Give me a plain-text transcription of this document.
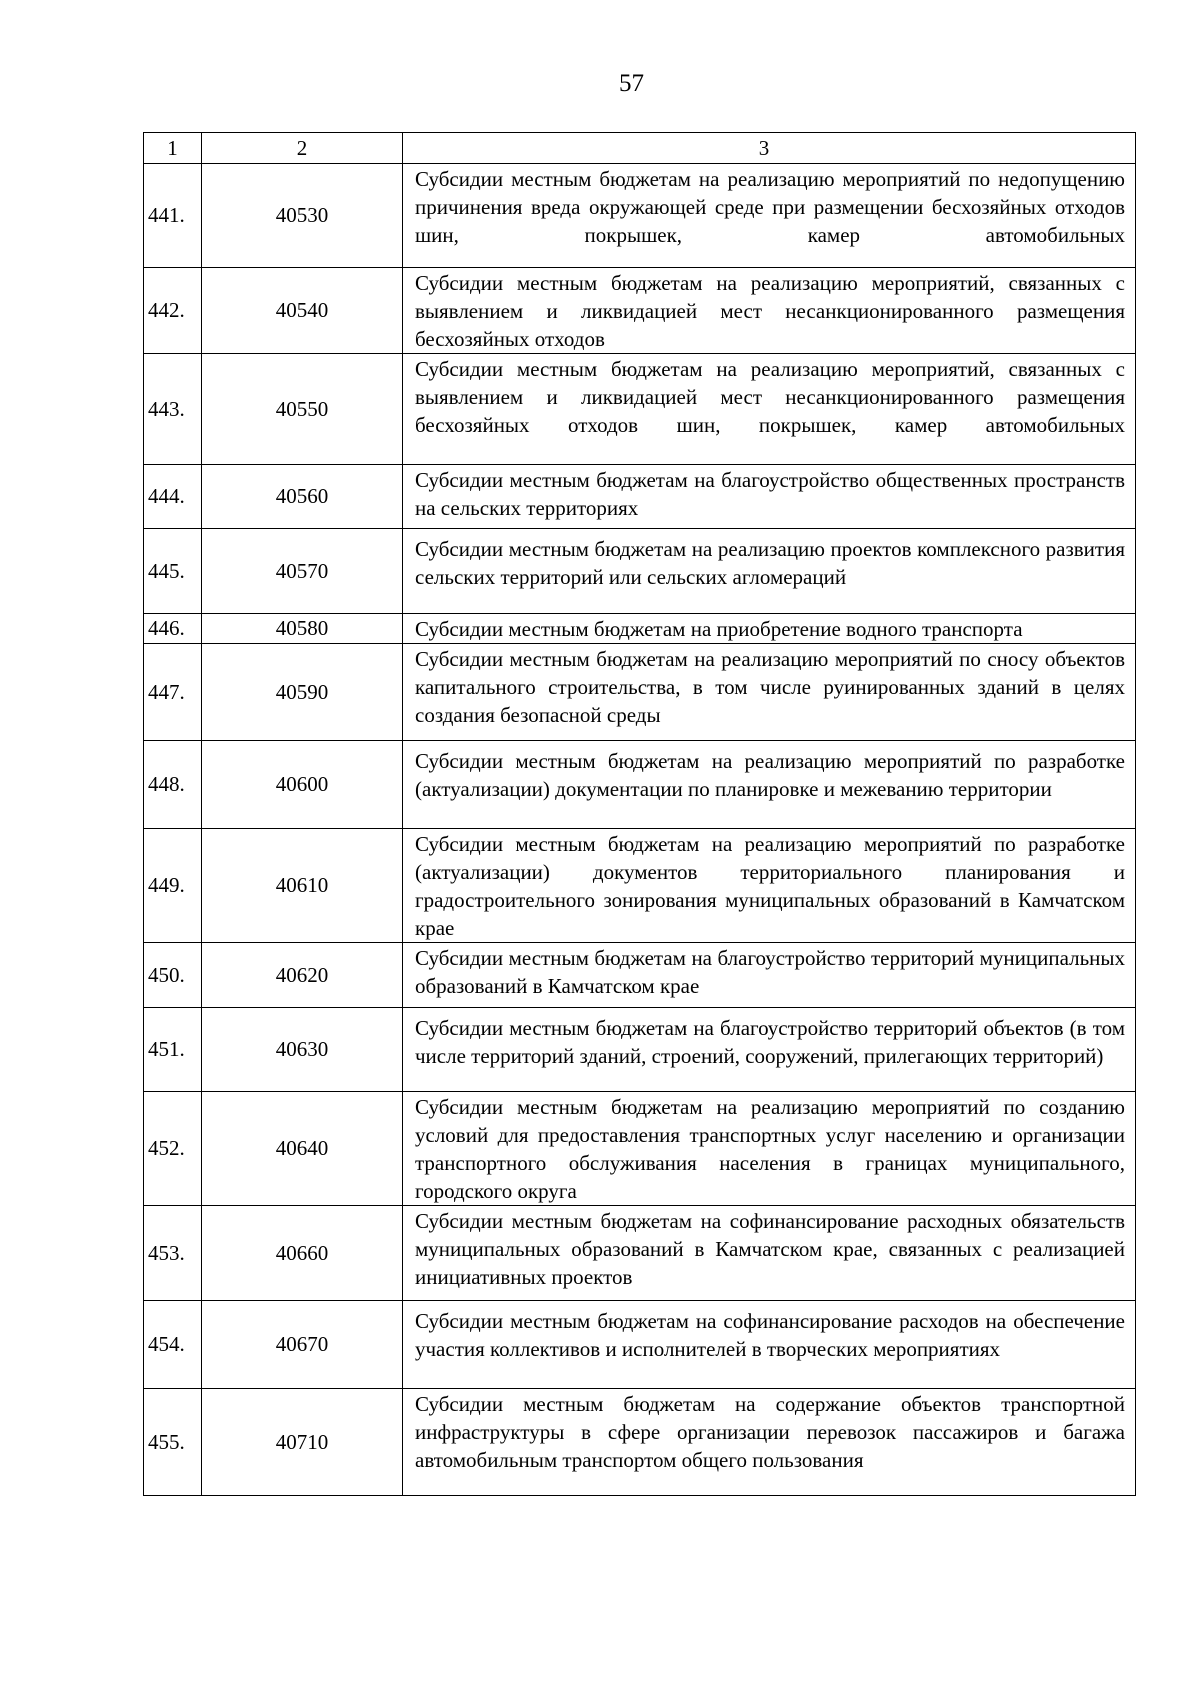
57
1	2	3
441.	40530	Субсидии местным бюджетам на реализацию мероприятий по недопущению причинения вреда окружающей среде при размещении бесхозяйных отходов шин, покрышек, камер автомобильных
442.	40540	Субсидии местным бюджетам на реализацию мероприятий, связанных с выявлением и ликвидацией мест несанкционированного размещения бесхозяйных отходов
443.	40550	Субсидии местным бюджетам на реализацию мероприятий, связанных с выявлением и ликвидацией мест несанкционированного размещения бесхозяйных отходов шин, покрышек, камер автомобильных
444.	40560	Субсидии местным бюджетам на благоустройство общественных пространств на сельских территориях
445.	40570	Субсидии местным бюджетам на реализацию проектов комплексного развития сельских территорий или сельских агломераций
446.	40580	Субсидии местным бюджетам на приобретение водного транспорта
447.	40590	Субсидии местным бюджетам на реализацию мероприятий по сносу объектов капитального строительства, в том числе руинированных зданий в целях создания безопасной среды
448.	40600	Субсидии местным бюджетам на реализацию мероприятий по разработке (актуализации) документации по планировке и межеванию территории
449.	40610	Субсидии местным бюджетам на реализацию мероприятий по разработке (актуализации) документов территориального планирования и градостроительного зонирования муниципальных образований в Камчатском крае
450.	40620	Субсидии местным бюджетам на благоустройство территорий муниципальных образований в Камчатском крае
451.	40630	Субсидии местным бюджетам на благоустройство территорий объектов (в том числе территорий зданий, строений, сооружений, прилегающих территорий)
452.	40640	Субсидии местным бюджетам на реализацию мероприятий по созданию условий для предоставления транспортных услуг населению и организации транспортного обслуживания населения в границах муниципального, городского округа
453.	40660	Субсидии местным бюджетам на софинансирование расходных обязательств муниципальных образований в Камчатском крае, связанных с реализацией инициативных проектов
454.	40670	Субсидии местным бюджетам на софинансирование расходов на обеспечение участия коллективов и исполнителей в творческих мероприятиях
455.	40710	Субсидии местным бюджетам на содержание объектов транспортной инфраструктуры в сфере организации перевозок пассажиров и багажа автомобильным транспортом общего пользования
